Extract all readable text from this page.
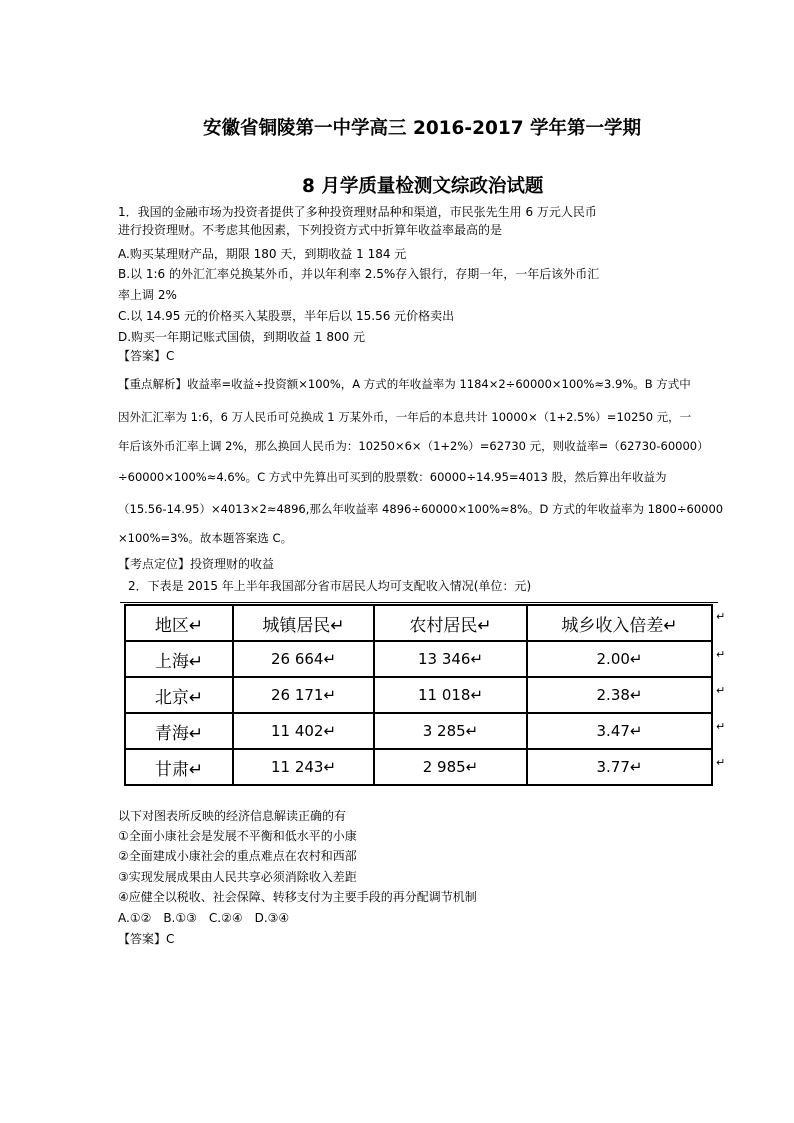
安徽省铜陵第一中学高三 2016-2017 学年第一学期
8 月学质量检测文综政治试题
1．我国的金融市场为投资者提供了多种投资理财品种和渠道，市民张先生用 6 万元人民币
进行投资理财。不考虑其他因素，下列投资方式中折算年收益率最高的是
A.购买某理财产品，期限 180 天，到期收益 1 184 元
B.以 1:6 的外汇汇率兑换某外币，并以年利率 2.5%存入银行，存期一年，一年后该外币汇
率上调 2%
C.以 14.95 元的价格买入某股票，半年后以 15.56 元价格卖出
D.购买一年期记账式国债，到期收益 1 800 元
【答案】C
【重点解析】收益率=收益÷投资额×100%，A 方式的年收益率为 1184×2÷60000×100%≈3.9%。B 方式中
因外汇汇率为 1:6，6 万人民币可兑换成 1 万某外币，一年后的本息共计 10000×（1+2.5%）=10250 元，一
年后该外币汇率上调 2%，那么换回人民币为：10250×6×（1+2%）=62730 元，则收益率=（62730-60000）
÷60000×100%≈4.6%。C 方式中先算出可买到的股票数：60000÷14.95=4013 股，然后算出年收益为
（15.56-14.95）×4013×2≈4896,那么年收益率 4896÷60000×100%≈8%。D 方式的年收益率为 1800÷60000
×100%=3%。故本题答案选 C。
【考点定位】投资理财的收益
2．下表是 2015 年上半年我国部分省市居民人均可支配收入情况(单位：元)
地区↵	城镇居民↵	农村居民↵	城乡收入倍差↵
上海↵	26 664↵	13 346↵	2.00↵
北京↵	26 171↵	11 018↵	2.38↵
青海↵	11 402↵	3 285↵	3.47↵
甘肃↵	11 243↵	2 985↵	3.77↵
↵
↵
↵
↵
↵
以下对图表所反映的经济信息解读正确的有
①全面小康社会是发展不平衡和低水平的小康
②全面建成小康社会的重点难点在农村和西部
③实现发展成果由人民共享必须消除收入差距
④应健全以税收、社会保障、转移支付为主要手段的再分配调节机制
A.①②　B.①③　C.②④　D.③④
【答案】C
